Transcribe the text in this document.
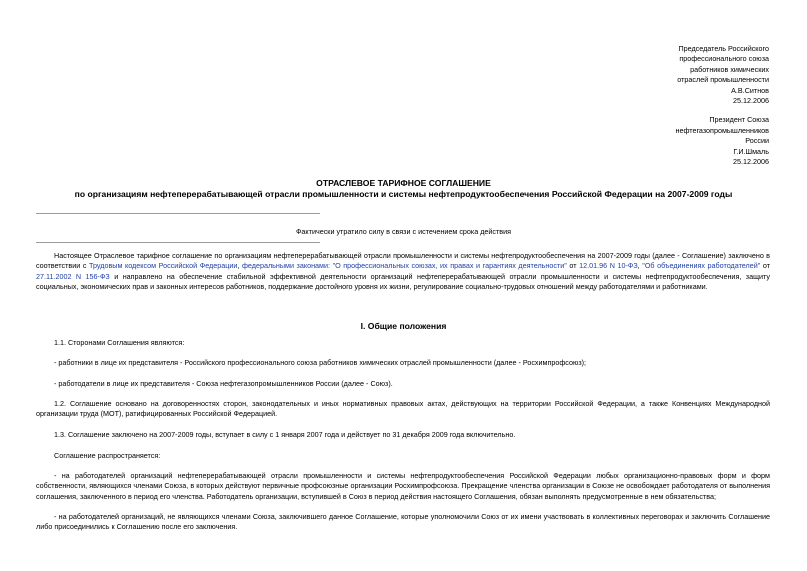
Председатель Российского
профессионального союза
работников химических
отраслей промышленности
А.В.Ситнов
25.12.2006
Президент Союза
нефтегазопромышленников
России
Г.И.Шмаль
25.12.2006
ОТРАСЛЕВОЕ ТАРИФНОЕ СОГЛАШЕНИЕ
по организациям нефтеперерабатывающей отрасли промышленности и системы нефтепродуктообеспечения Российской Федерации на 2007-2009 годы
Фактически утратило силу в связи с истечением срока действия
Настоящее Отраслевое тарифное соглашение по организациям нефтеперерабатывающей отрасли промышленности и системы нефтепродуктообеспечения на 2007-2009 годы (далее - Соглашение) заключено в соответствии с Трудовым кодексом Российской Федерации, федеральными законами: "О профессиональных союзах, их правах и гарантиях деятельности" от 12.01.96 N 10-ФЗ, "Об объединениях работодателей" от 27.11.2002 N 156-ФЗ и направлено на обеспечение стабильной эффективной деятельности организаций нефтеперерабатывающей отрасли промышленности и системы нефтепродуктообеспечения, защиту социальных, экономических прав и законных интересов работников, поддержание достойного уровня их жизни, регулирование социально-трудовых отношений между работодателями и работниками.
I. Общие положения
1.1. Сторонами Соглашения являются:
- работники в лице их представителя - Российского профессионального союза работников химических отраслей промышленности (далее - Росхимпрофсоюз);
- работодатели в лице их представителя - Союза нефтегазопромышленников России (далее - Союз).
1.2. Соглашение основано на договоренностях сторон, законодательных и иных нормативных правовых актах, действующих на территории Российской Федерации, а также Конвенциях Международной организации труда (МОТ), ратифицированных Российской Федерацией.
1.3. Соглашение заключено на 2007-2009 годы, вступает в силу с 1 января 2007 года и действует по 31 декабря 2009 года включительно.
Соглашение распространяется:
- на работодателей организаций нефтеперерабатывающей отрасли промышленности и системы нефтепродуктообеспечения Российской Федерации любых организационно-правовых форм и форм собственности, являющихся членами Союза, в которых действуют первичные профсоюзные организации Росхимпрофсоюза. Прекращение членства организации в Союзе не освобождает работодателя от выполнения соглашения, заключенного в период его членства. Работодатель организации, вступившей в Союз в период действия настоящего Соглашения, обязан выполнять предусмотренные в нем обязательства;
- на работодателей организаций, не являющихся членами Союза, заключившего данное Соглашение, которые уполномочили Союз от их имени участвовать в коллективных переговорах и заключить Соглашение либо присоединились к Соглашению после его заключения.
